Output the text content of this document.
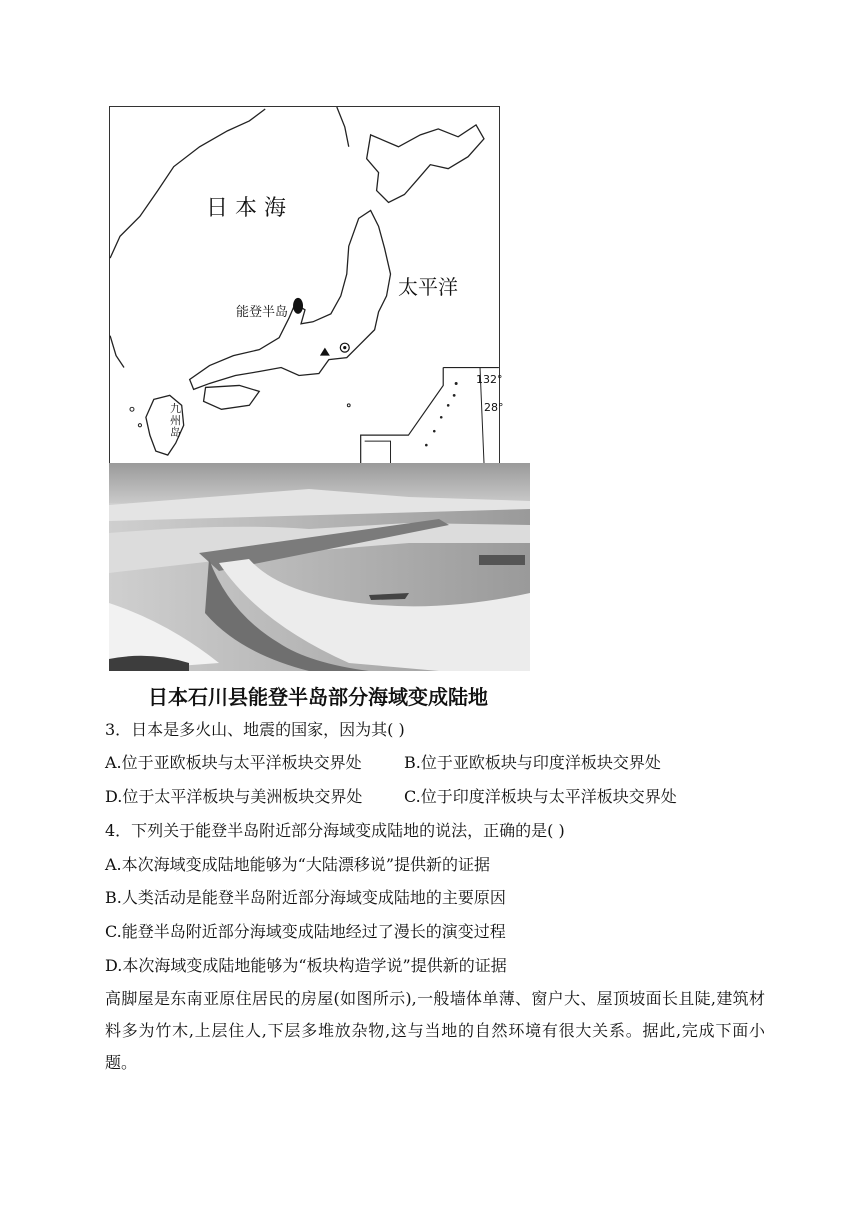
日 本 海
太平洋
能登半岛
九州岛
132°
28°
日本石川县能登半岛部分海域变成陆地
3．日本是多火山、地震的国家，因为其( )
A.位于亚欧板块与太平洋板块交界处	B.位于亚欧板块与印度洋板块交界处
D.位于太平洋板块与美洲板块交界处	C.位于印度洋板块与太平洋板块交界处
4．下列关于能登半岛附近部分海域变成陆地的说法，正确的是( )
A.本次海域变成陆地能够为“大陆漂移说”提供新的证据
B.人类活动是能登半岛附近部分海域变成陆地的主要原因
C.能登半岛附近部分海域变成陆地经过了漫长的演变过程
D.本次海域变成陆地能够为“板块构造学说”提供新的证据
高脚屋是东南亚原住居民的房屋(如图所示),一般墙体单薄、窗户大、屋顶坡面长且陡,建筑材料多为竹木,上层住人,下层多堆放杂物,这与当地的自然环境有很大关系。据此,完成下面小题。
